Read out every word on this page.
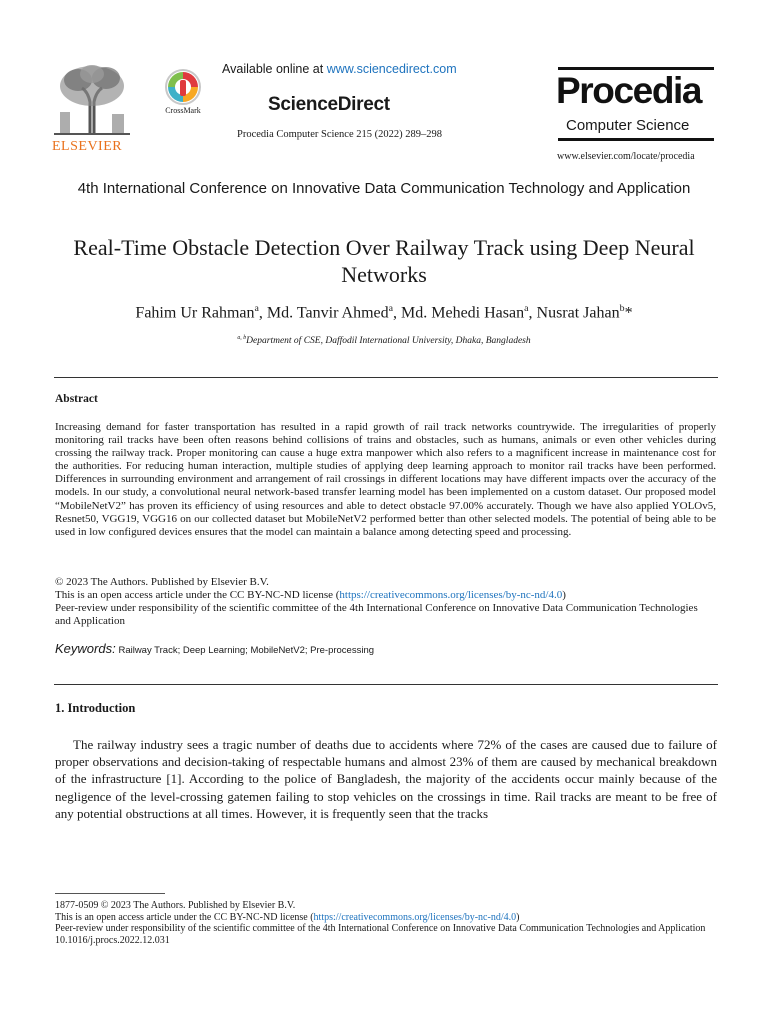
ELSEVIER
CrossMark
Available online at www.sciencedirect.com
ScienceDirect
Procedia Computer Science 215 (2022) 289–298
Procedia
Computer Science
www.elsevier.com/locate/procedia
4th International Conference on Innovative Data Communication Technology and Application
Real-Time Obstacle Detection Over Railway Track using Deep Neural Networks
Fahim Ur Rahman$^a$, Md. Tanvir Ahmed$^a$, Md. Mehedi Hasan$^a$, Nusrat Jahan$^b$*
$^{a, b}$Department of CSE, Daffodil International University, Dhaka, Bangladesh
Abstract
Increasing demand for faster transportation has resulted in a rapid growth of rail track networks countrywide. The irregularities of properly monitoring rail tracks have been often reasons behind collisions of trains and obstacles, such as humans, animals or even other vehicles during crossing the railway track. Proper monitoring can cause a huge extra manpower which also refers to a magnificent increase in maintenance cost for the authorities. For reducing human interaction, multiple studies of applying deep learning approach to monitor rail tracks have been performed. Differences in surrounding environment and arrangement of rail crossings in different locations may have different impacts over the accuracy of the models. In our study, a convolutional neural network-based transfer learning model has been implemented on a custom dataset. Our proposed model “MobileNetV2” has proven its efficiency of using resources and able to detect obstacle 97.00% accurately. Though we have also applied YOLOv5, Resnet50, VGG19, VGG16 on our collected dataset but MobileNetV2 performed better than other selected models. The potential of being able to be used in low configured devices ensures that the model can maintain a balance among detecting speed and processing.
© 2023 The Authors. Published by Elsevier B.V.
This is an open access article under the CC BY-NC-ND license (https://creativecommons.org/licenses/by-nc-nd/4.0)
Peer-review under responsibility of the scientific committee of the 4th International Conference on Innovative Data Communication Technologies and Application
Keywords: Railway Track; Deep Learning; MobileNetV2; Pre-processing
1. Introduction
The railway industry sees a tragic number of deaths due to accidents where 72% of the cases are caused due to failure of proper observations and decision-taking of respectable humans and almost 23% of them are caused by mechanical breakdown of the infrastructure [1]. According to the police of Bangladesh, the majority of the accidents occur mainly because of the negligence of the level-crossing gatemen failing to stop vehicles on the crossings in time. Rail tracks are meant to be free of any potential obstructions at all times. However, it is frequently seen that the tracks
1877-0509 © 2023 The Authors. Published by Elsevier B.V.
This is an open access article under the CC BY-NC-ND license (https://creativecommons.org/licenses/by-nc-nd/4.0)
Peer-review under responsibility of the scientific committee of the 4th International Conference on Innovative Data Communication Technologies and Application
10.1016/j.procs.2022.12.031
